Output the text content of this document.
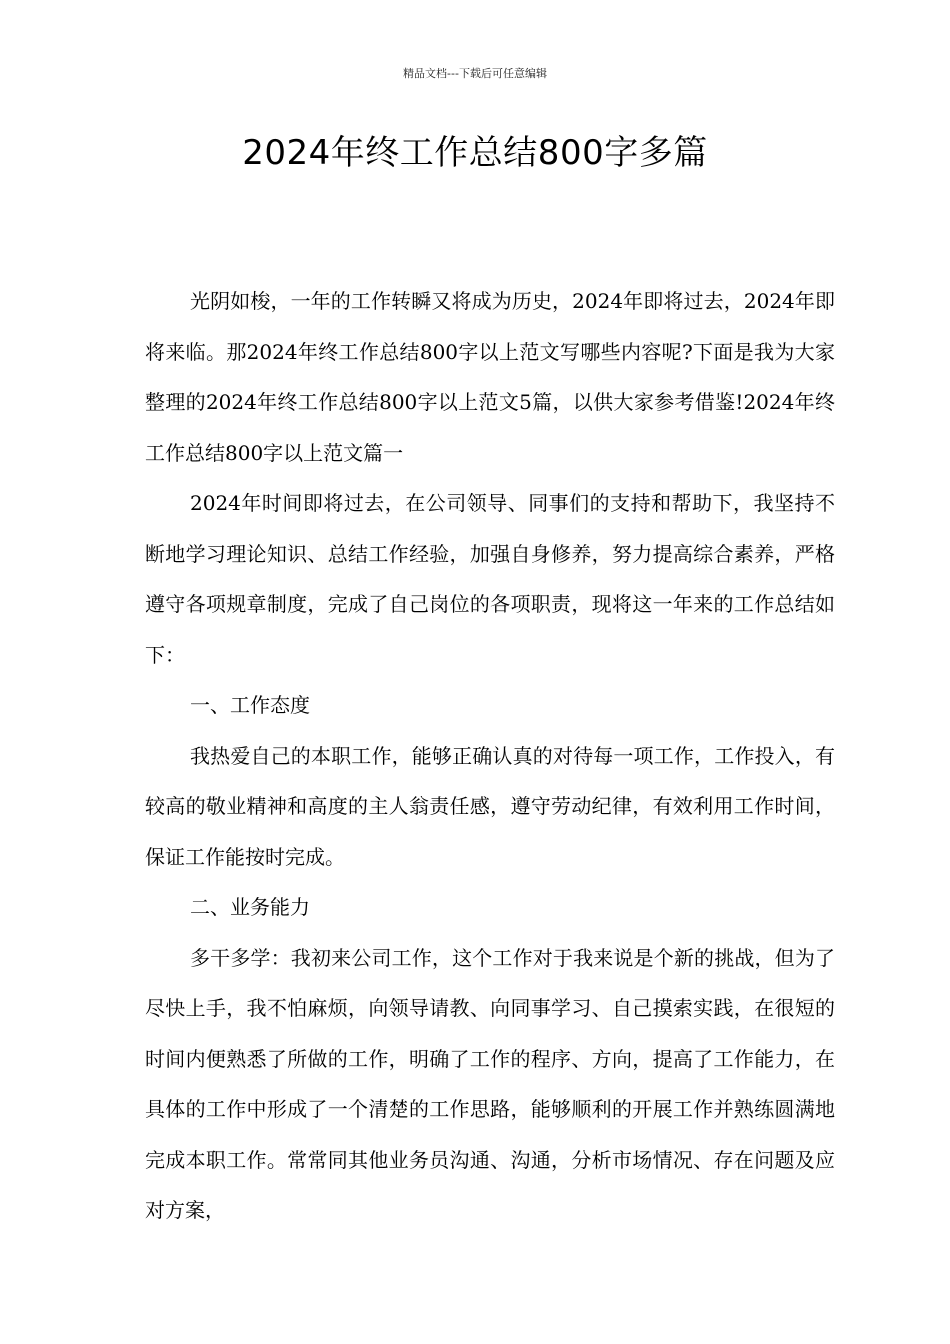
精品文档---下载后可任意编辑
2024年终工作总结800字多篇

光阴如梭，一年的工作转瞬又将成为历史，2024年即将过去，2024年即将来临。那2024年终工作总结800字以上范文写哪些内容呢?下面是我为大家整理的2024年终工作总结800字以上范文5篇，以供大家参考借鉴!2024年终工作总结800字以上范文篇一

2024年时间即将过去，在公司领导、同事们的支持和帮助下，我坚持不断地学习理论知识、总结工作经验，加强自身修养，努力提高综合素养，严格遵守各项规章制度，完成了自己岗位的各项职责，现将这一年来的工作总结如下：

一、工作态度

我热爱自己的本职工作，能够正确认真的对待每一项工作，工作投入，有较高的敬业精神和高度的主人翁责任感，遵守劳动纪律，有效利用工作时间，保证工作能按时完成。

二、业务能力

多干多学：我初来公司工作，这个工作对于我来说是个新的挑战，但为了尽快上手，我不怕麻烦，向领导请教、向同事学习、自己摸索实践，在很短的时间内便熟悉了所做的工作，明确了工作的程序、方向，提高了工作能力，在具体的工作中形成了一个清楚的工作思路，能够顺利的开展工作并熟练圆满地完成本职工作。常常同其他业务员沟通、沟通，分析市场情况、存在问题及应对方案，
